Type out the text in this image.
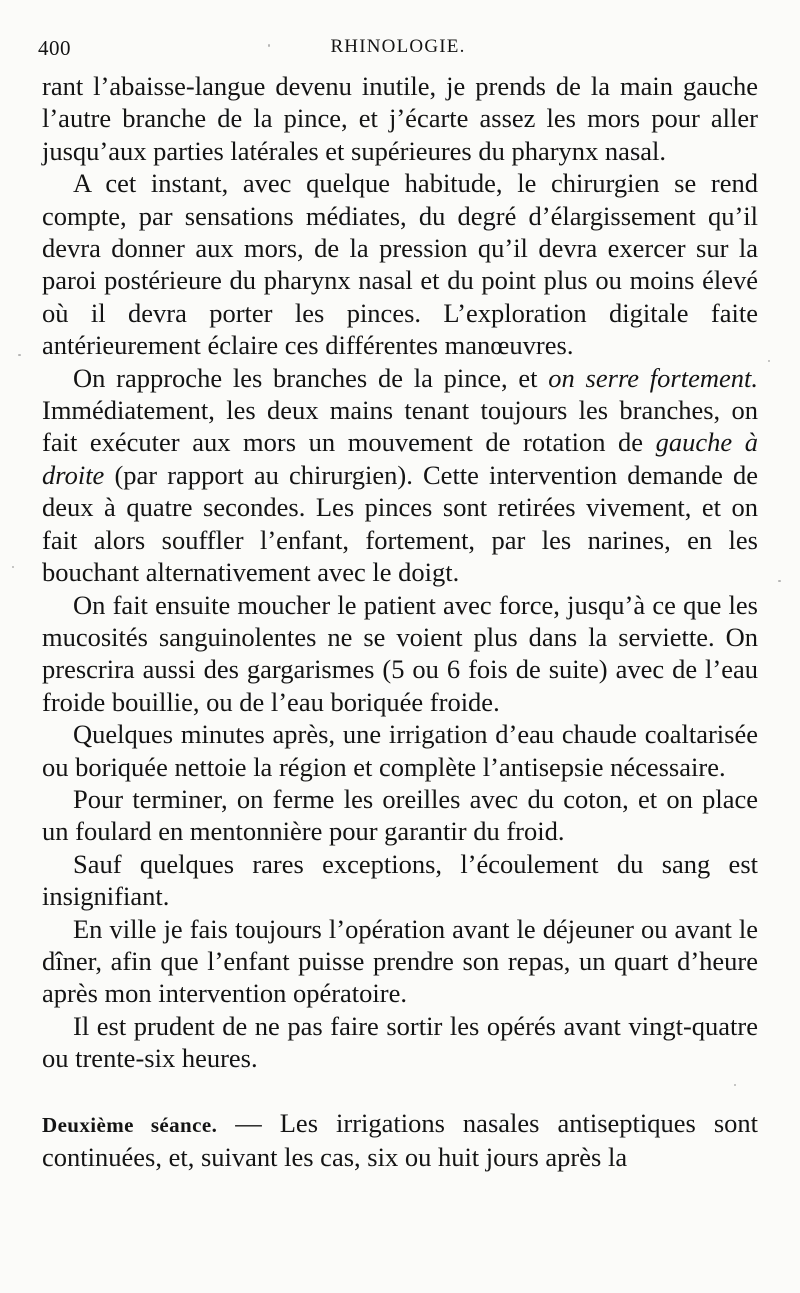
400	RHINOLOGIE.

rant l’abaisse-langue devenu inutile, je prends de la main gauche l’autre branche de la pince, et j’écarte assez les mors pour aller jusqu’aux parties latérales et supérieures du pharynx nasal.

A cet instant, avec quelque habitude, le chirurgien se rend compte, par sensations médiates, du degré d’élargissement qu’il devra donner aux mors, de la pression qu’il devra exercer sur la paroi postérieure du pharynx nasal et du point plus ou moins élevé où il devra porter les pinces. L’exploration digitale faite antérieurement éclaire ces différentes manœuvres.

On rapproche les branches de la pince, et on serre fortement. Immédiatement, les deux mains tenant toujours les branches, on fait exécuter aux mors un mouvement de rotation de gauche à droite (par rapport au chirurgien). Cette intervention demande de deux à quatre secondes. Les pinces sont retirées vivement, et on fait alors souffler l’enfant, fortement, par les narines, en les bouchant alternativement avec le doigt.

On fait ensuite moucher le patient avec force, jusqu’à ce que les mucosités sanguinolentes ne se voient plus dans la serviette. On prescrira aussi des gargarismes (5 ou 6 fois de suite) avec de l’eau froide bouillie, ou de l’eau boriquée froide.

Quelques minutes après, une irrigation d’eau chaude coaltarisée ou boriquée nettoie la région et complète l’antisepsie nécessaire.

Pour terminer, on ferme les oreilles avec du coton, et on place un foulard en mentonnière pour garantir du froid.

Sauf quelques rares exceptions, l’écoulement du sang est insignifiant.

En ville je fais toujours l’opération avant le déjeuner ou avant le dîner, afin que l’enfant puisse prendre son repas, un quart d’heure après mon intervention opératoire.

Il est prudent de ne pas faire sortir les opérés avant vingt-quatre ou trente-six heures.

Deuxième séance. — Les irrigations nasales antiseptiques sont continuées, et, suivant les cas, six ou huit jours après la
